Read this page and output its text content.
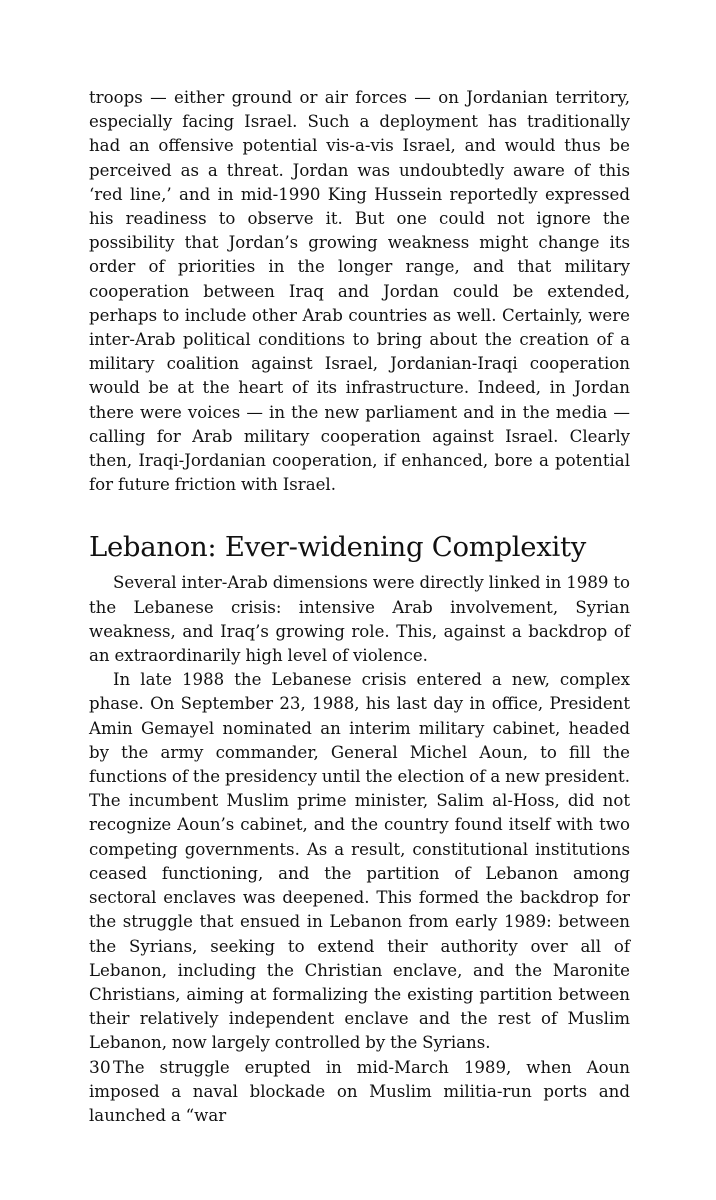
troops — either ground or air forces — on Jordanian territory, especially facing Israel. Such a deployment has traditionally had an offensive potential vis-a-vis Israel, and would thus be perceived as a threat. Jordan was undoubtedly aware of this ‘red line,’ and in mid-1990 King Hussein reportedly expressed his readiness to observe it. But one could not ignore the possibility that Jordan’s growing weakness might change its order of priorities in the longer range, and that military cooperation between Iraq and Jordan could be extended, perhaps to include other Arab countries as well. Certainly, were inter-Arab political conditions to bring about the creation of a military coalition against Israel, Jordanian-Iraqi cooperation would be at the heart of its infrastructure. Indeed, in Jordan there were voices — in the new parliament and in the media — calling for Arab military cooperation against Israel. Clearly then, Iraqi-Jordanian cooperation, if enhanced, bore a potential for future friction with Israel.

Lebanon: Ever-widening Complexity

Several inter-Arab dimensions were directly linked in 1989 to the Lebanese crisis: intensive Arab involvement, Syrian weakness, and Iraq’s growing role. This, against a backdrop of an extraordinarily high level of violence.

In late 1988 the Lebanese crisis entered a new, complex phase. On September 23, 1988, his last day in office, President Amin Gemayel nominated an interim military cabinet, headed by the army commander, General Michel Aoun, to fill the functions of the presidency until the election of a new president. The incumbent Muslim prime minister, Salim al-Hoss, did not recognize Aoun’s cabinet, and the country found itself with two competing governments. As a result, constitutional institutions ceased functioning, and the partition of Lebanon among sectoral enclaves was deepened. This formed the backdrop for the struggle that ensued in Lebanon from early 1989: between the Syrians, seeking to extend their authority over all of Lebanon, including the Christian enclave, and the Maronite Christians, aiming at formalizing the existing partition between their relatively independent enclave and the rest of Muslim Lebanon, now largely controlled by the Syrians.

The struggle erupted in mid-March 1989, when Aoun imposed a naval blockade on Muslim militia-run ports and launched a “war

30
